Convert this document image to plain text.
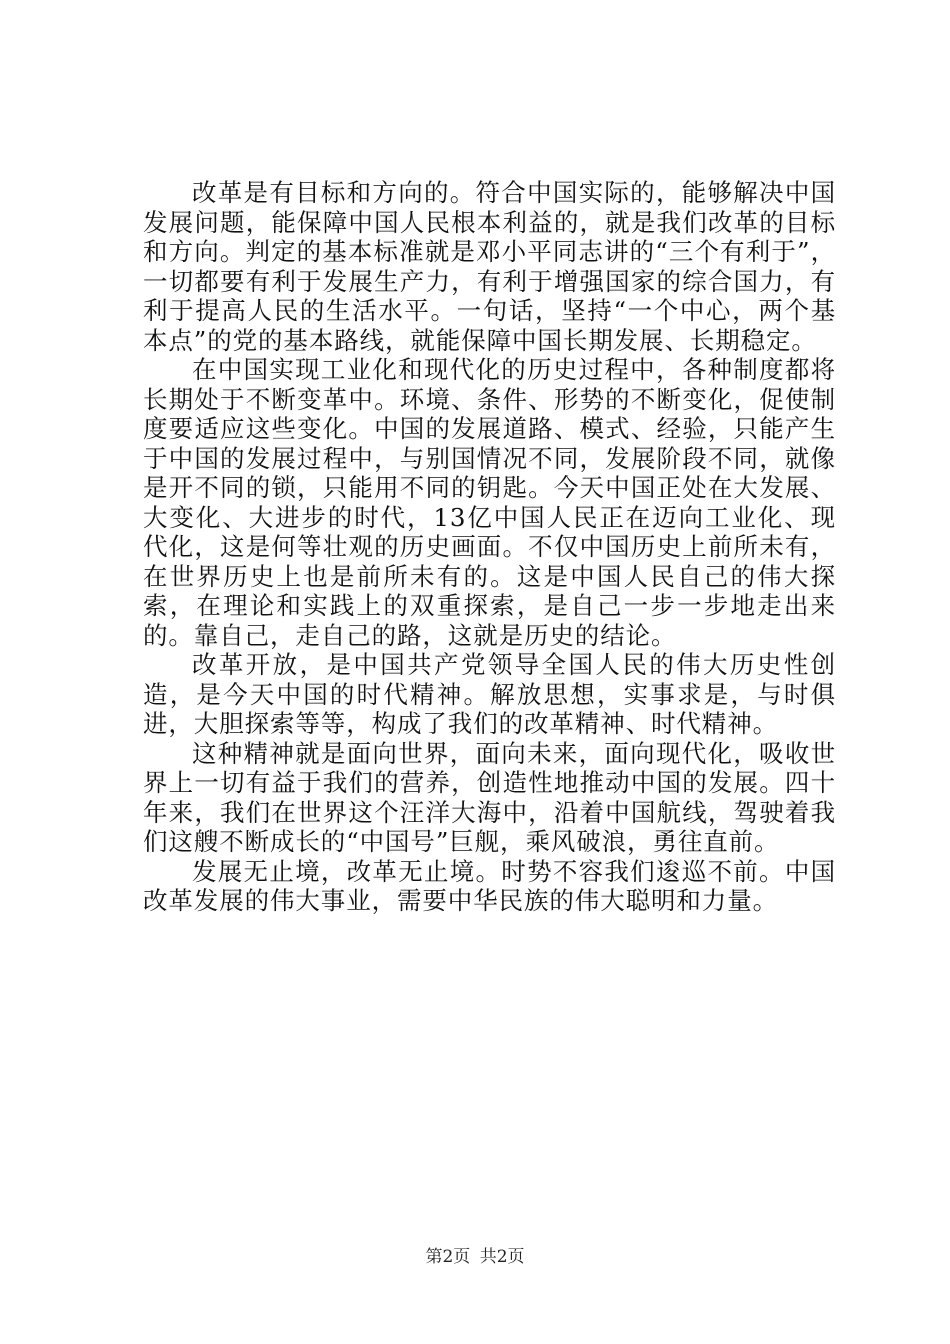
改革是有目标和方向的。符合中国实际的，能够解决中国发展问题，能保障中国人民根本利益的，就是我们改革的目标和方向。判定的基本标准就是邓小平同志讲的“三个有利于”，一切都要有利于发展生产力，有利于增强国家的综合国力，有利于提高人民的生活水平。一句话，坚持“一个中心，两个基本点”的党的基本路线，就能保障中国长期发展、长期稳定。

在中国实现工业化和现代化的历史过程中，各种制度都将长期处于不断变革中。环境、条件、形势的不断变化，促使制度要适应这些变化。中国的发展道路、模式、经验，只能产生于中国的发展过程中，与别国情况不同，发展阶段不同，就像是开不同的锁，只能用不同的钥匙。今天中国正处在大发展、大变化、大进步的时代，13亿中国人民正在迈向工业化、现代化，这是何等壮观的历史画面。不仅中国历史上前所未有，在世界历史上也是前所未有的。这是中国人民自己的伟大探索，在理论和实践上的双重探索，是自己一步一步地走出来的。靠自己，走自己的路，这就是历史的结论。

改革开放，是中国共产党领导全国人民的伟大历史性创造，是今天中国的时代精神。解放思想，实事求是，与时俱进，大胆探索等等，构成了我们的改革精神、时代精神。

这种精神就是面向世界，面向未来，面向现代化，吸收世界上一切有益于我们的营养，创造性地推动中国的发展。四十年来，我们在世界这个汪洋大海中，沿着中国航线，驾驶着我们这艘不断成长的“中国号”巨舰，乘风破浪，勇往直前。

发展无止境，改革无止境。时势不容我们逡巡不前。中国改革发展的伟大事业，需要中华民族的伟大聪明和力量。

第2页 共2页
